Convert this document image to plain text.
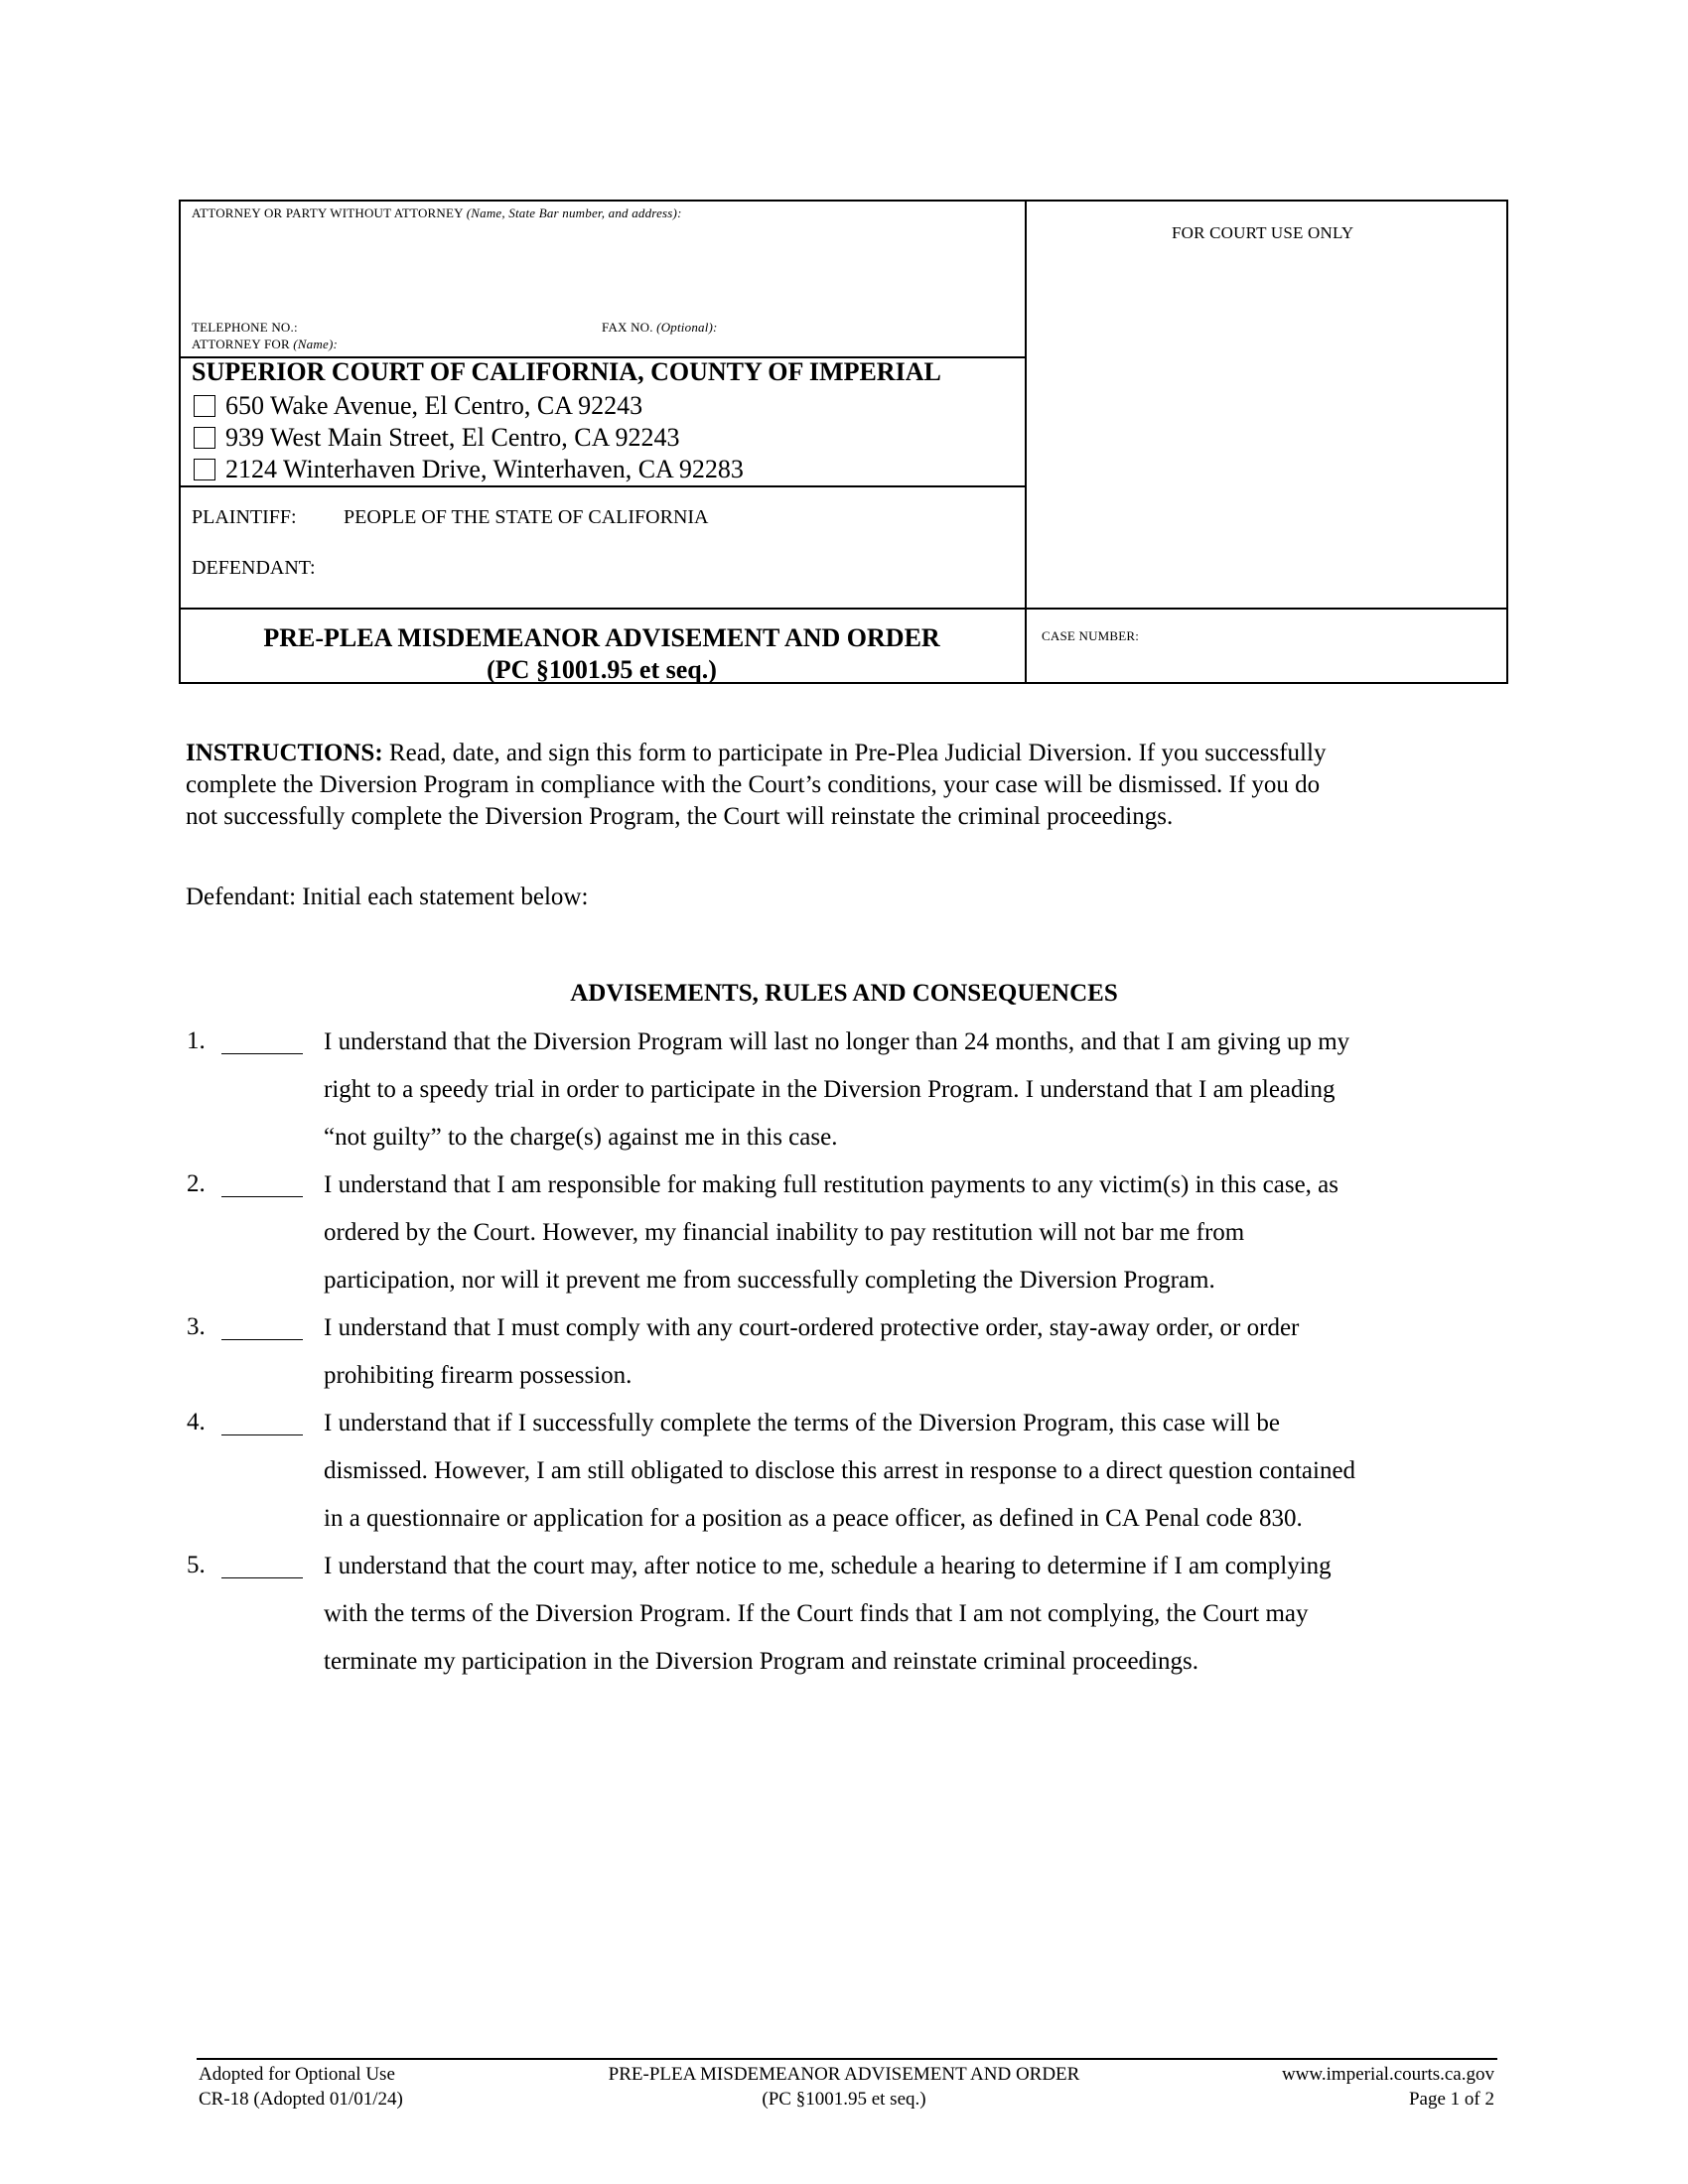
ATTORNEY OR PARTY WITHOUT ATTORNEY (Name, State Bar number, and address):
FOR COURT USE ONLY
TELEPHONE NO.:	FAX NO. (Optional):
ATTORNEY FOR (Name):
SUPERIOR COURT OF CALIFORNIA, COUNTY OF IMPERIAL
650 Wake Avenue, El Centro, CA 92243
939 West Main Street, El Centro, CA 92243
2124 Winterhaven Drive, Winterhaven, CA 92283
PLAINTIFF: PEOPLE OF THE STATE OF CALIFORNIA
DEFENDANT:
PRE-PLEA MISDEMEANOR ADVISEMENT AND ORDER
(PC §1001.95 et seq.)
CASE NUMBER:
INSTRUCTIONS: Read, date, and sign this form to participate in Pre-Plea Judicial Diversion. If you successfully
complete the Diversion Program in compliance with the Court’s conditions, your case will be dismissed. If you do
not successfully complete the Diversion Program, the Court will reinstate the criminal proceedings.
Defendant: Initial each statement below:
ADVISEMENTS, RULES AND CONSEQUENCES
1.	I understand that the Diversion Program will last no longer than 24 months, and that I am giving up my
right to a speedy trial in order to participate in the Diversion Program. I understand that I am pleading
“not guilty” to the charge(s) against me in this case.
2.	I understand that I am responsible for making full restitution payments to any victim(s) in this case, as
ordered by the Court. However, my financial inability to pay restitution will not bar me from
participation, nor will it prevent me from successfully completing the Diversion Program.
3.	I understand that I must comply with any court-ordered protective order, stay-away order, or order
prohibiting firearm possession.
4.	I understand that if I successfully complete the terms of the Diversion Program, this case will be
dismissed. However, I am still obligated to disclose this arrest in response to a direct question contained
in a questionnaire or application for a position as a peace officer, as defined in CA Penal code 830.
5.	I understand that the court may, after notice to me, schedule a hearing to determine if I am complying
with the terms of the Diversion Program. If the Court finds that I am not complying, the Court may
terminate my participation in the Diversion Program and reinstate criminal proceedings.
Adopted for Optional Use
CR-18 (Adopted 01/01/24)
PRE-PLEA MISDEMEANOR ADVISEMENT AND ORDER
(PC §1001.95 et seq.)
www.imperial.courts.ca.gov
Page 1 of 2
